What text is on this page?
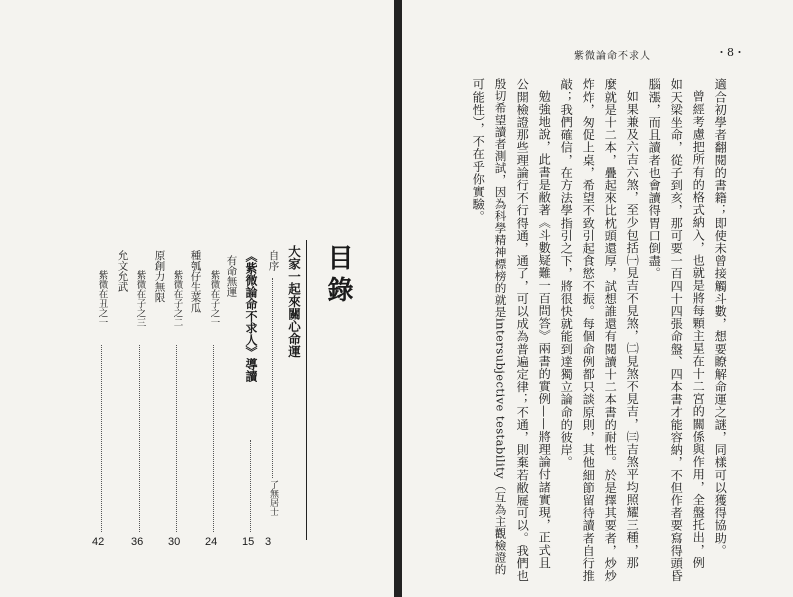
目錄
大家一起來關心命運
自序
了無居士
3
《紫微論命不求人》導讀
15
有命無運
紫微在子之一
24
種瓠仔生菜瓜
紫微在子之二
30
原創力無限
紫微在子之三
36
允文允武
紫微在丑之一
42
紫微論命不求人	・8・
適合初學者翻閱的書籍；即使未曾接觸斗數，想要瞭解命運之謎，同樣可以獲得協助。
曾經考慮把所有的格式納入，也就是將每顆主星在十二宮的關係與作用，全盤托出，例
如天梁坐命，從子到亥，那可要一百四十四張命盤、四本書才能容納，不但作者要寫得頭昏
腦漲，而且讀者也會讀得胃口倒盡。
如果兼及六吉六煞，至少包括㈠見吉不見煞，㈡見煞不見吉，㈢吉煞平均照耀三種，那
麼就是十二本，疊起來比枕頭還厚，試想誰還有閱讀十二本書的耐性。於是擇其要者，炒炒
炸炸，匆促上桌，希望不致引起食慾不振。每個命例都只談原則，其他細節留待讀者自行推
敲；我們確信，在方法學指引之下，將很快就能到達獨立論命的彼岸。
勉強地說，此書是敝著《斗數疑難一百問答》兩書的實例——將理論付諸實現，正式且
公開檢證那些理論行不行得通，通了，可以成為普遍定律；不通，則棄若敝屣可以。我們也
殷切希望讀者測試，因為科學精神標榜的就是intersubjective testability（互為主觀檢證的
可能性），不在乎你實驗。
